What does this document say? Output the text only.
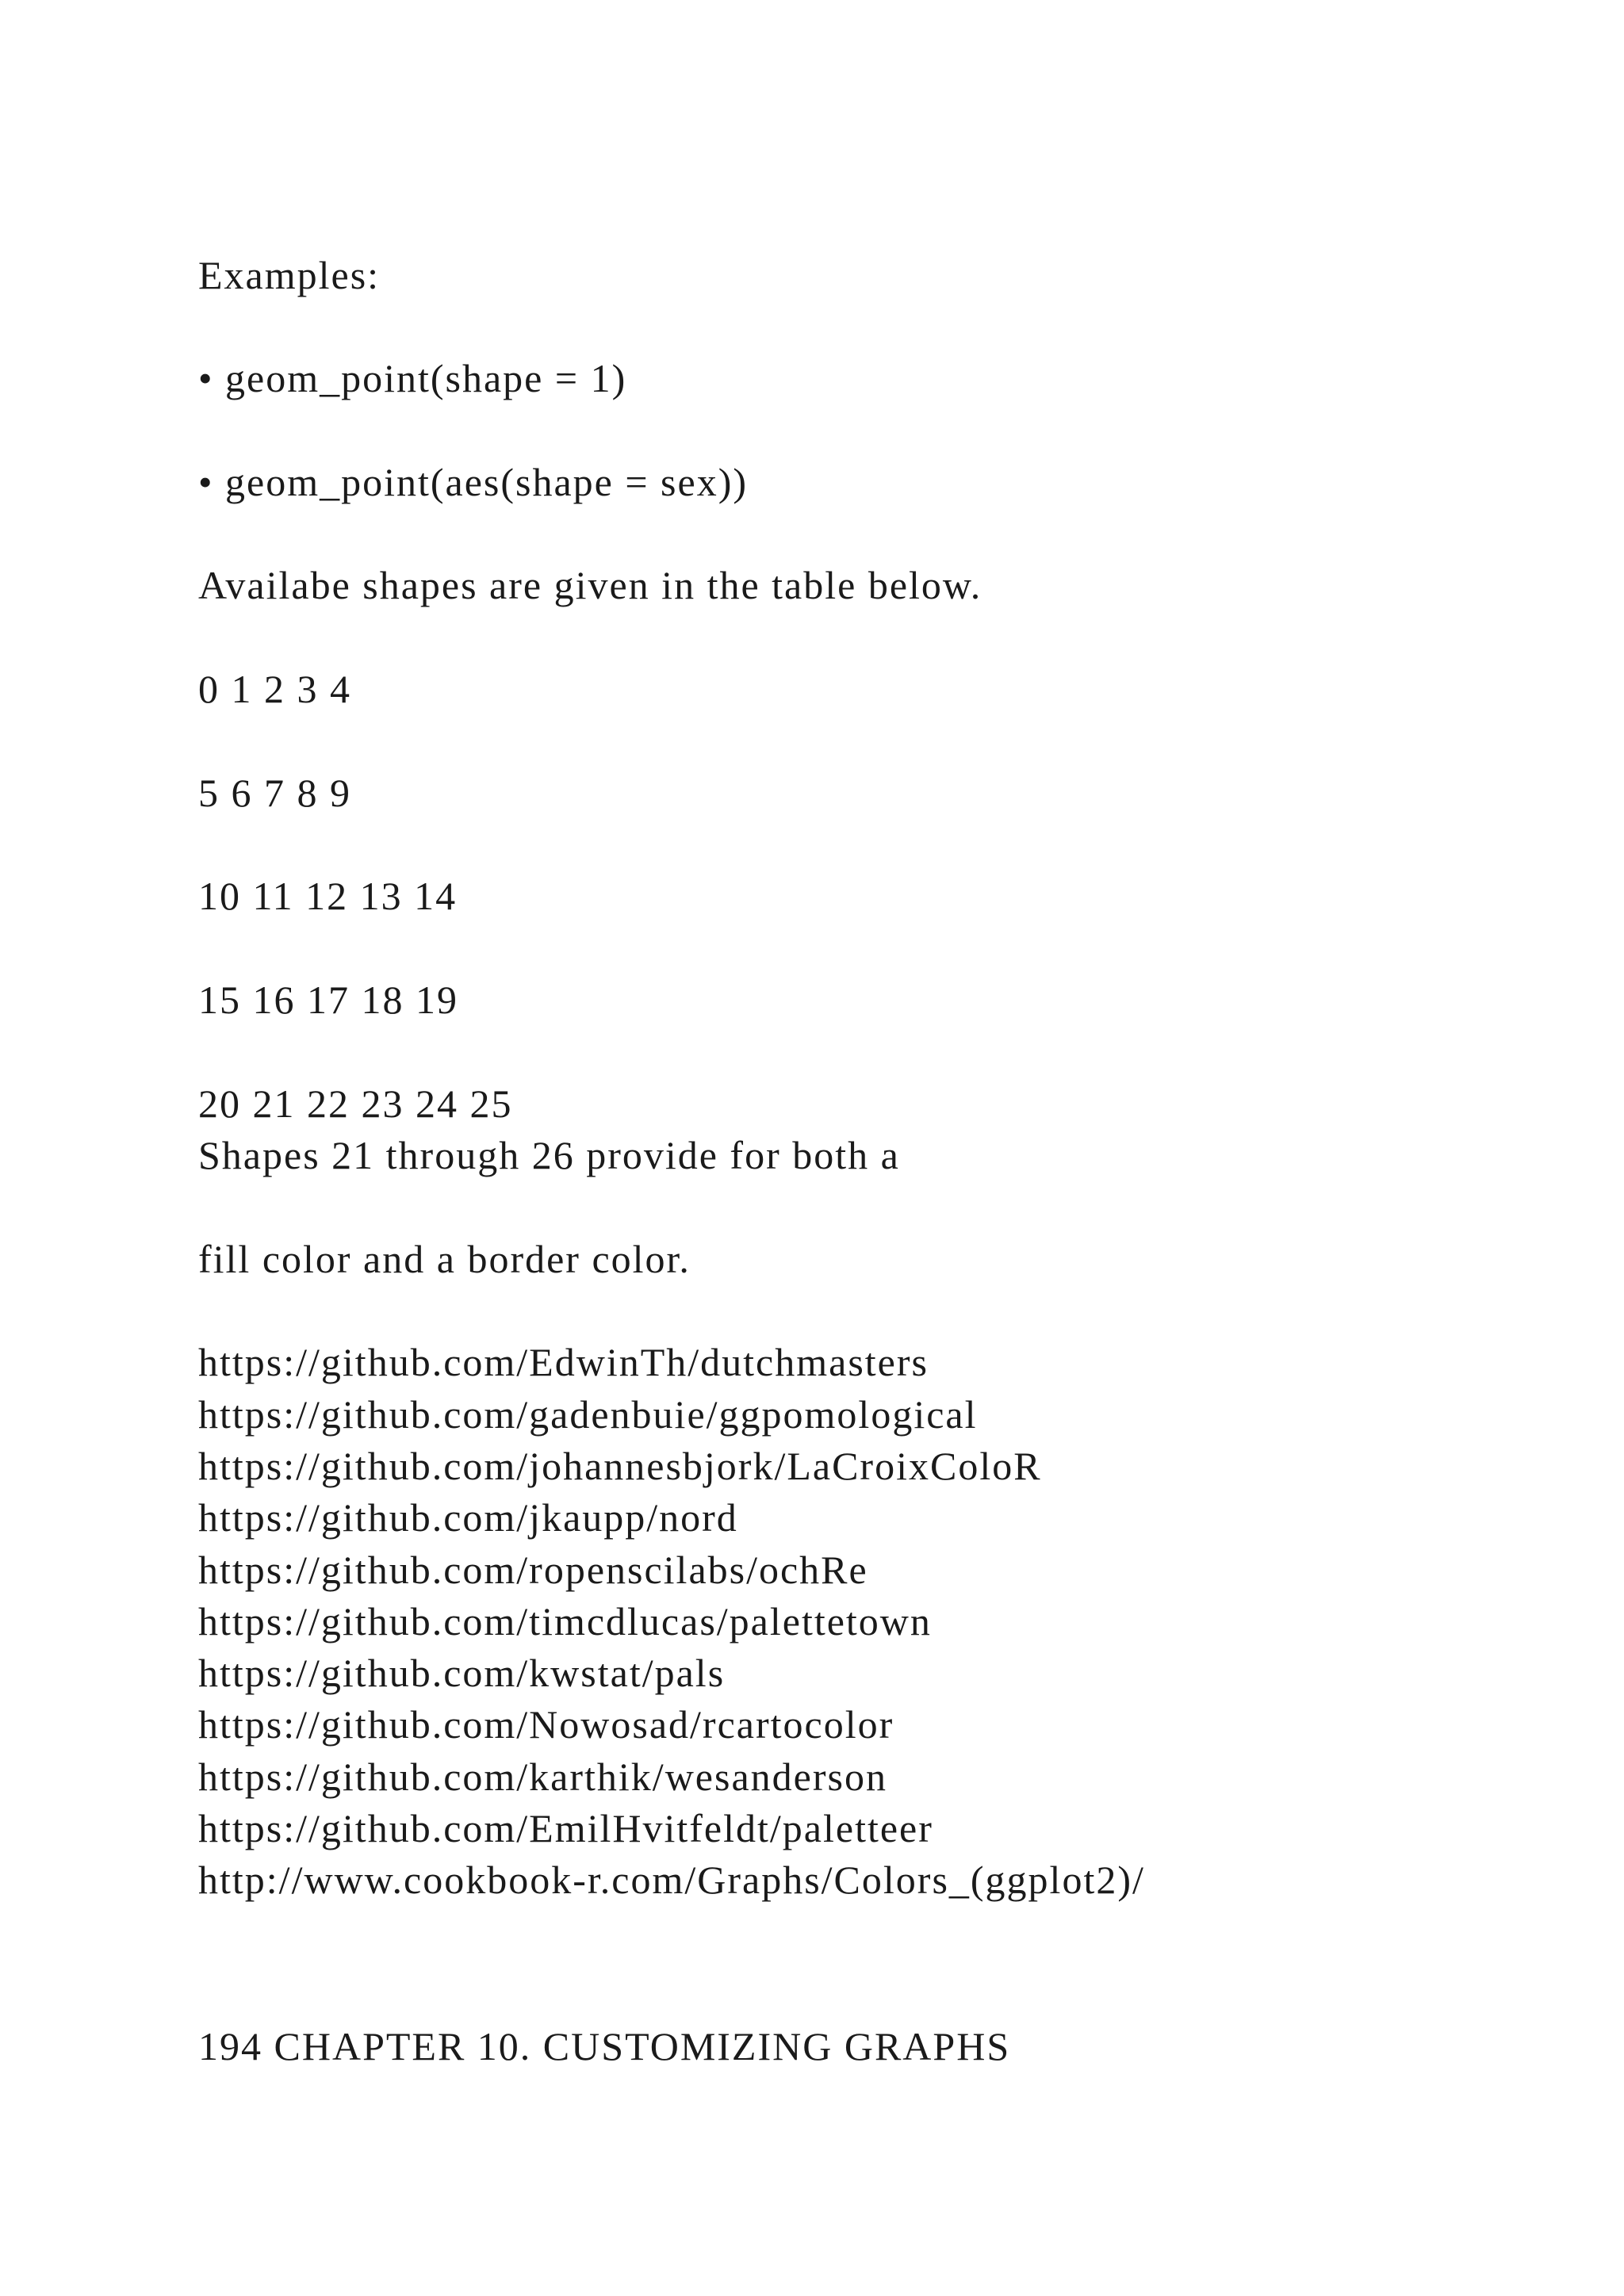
Examples:

• geom_point(shape = 1)

• geom_point(aes(shape = sex))

Availabe shapes are given in the table below.

0 1 2 3 4

5 6 7 8 9

10 11 12 13 14

15 16 17 18 19

20 21 22 23 24 25

Shapes 21 through 26 provide for both a

fill color and a border color.

https://github.com/EdwinTh/dutchmasters
https://github.com/gadenbuie/ggpomological
https://github.com/johannesbjork/LaCroixColoR
https://github.com/jkaupp/nord
https://github.com/ropenscilabs/ochRe
https://github.com/timcdlucas/palettetown
https://github.com/kwstat/pals
https://github.com/Nowosad/rcartocolor
https://github.com/karthik/wesanderson
https://github.com/EmilHvitfeldt/paletteer
http://www.cookbook-r.com/Graphs/Colors_(ggplot2)/

194 CHAPTER 10. CUSTOMIZING GRAPHS
